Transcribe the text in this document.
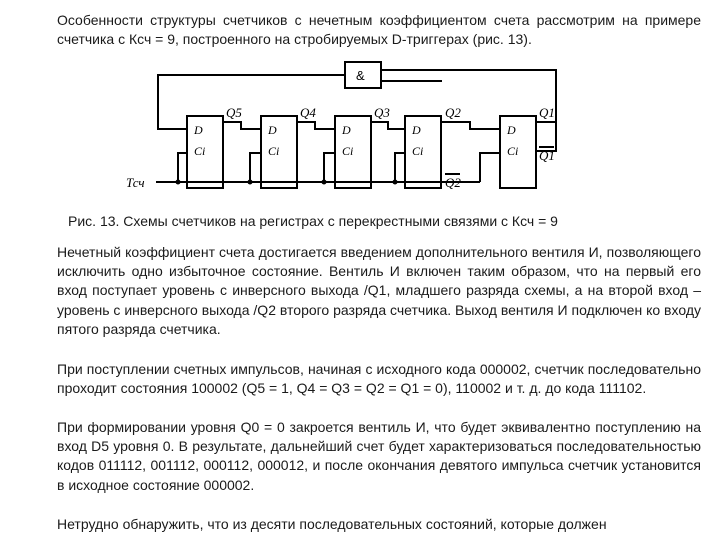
Особенности структуры счетчиков с нечетным коэффициентом счета рассмотрим на примере счетчика с Ксч = 9, построенного на стробируемых D-триггерах (рис. 13).

&
D
Ci
D
Ci
D
Ci
D
Ci
D
Ci
Q5	Q4	Q3	Q2	Q1
Q2
Q1
Тсч

Рис. 13. Схемы счетчиков на регистрах с перекрестными связями с Ксч = 9

Нечетный коэффициент счета достигается введением дополнительного вентиля И, позволяющего исключить одно избыточное состояние. Вентиль И включен таким образом, что на первый его вход поступает уровень с инверсного выхода /Q1, младшего разряда схемы, а на второй вход – уровень с инверсного выхода /Q2 второго разряда счетчика. Выход вентиля И подключен ко входу пятого разряда счетчика.

При поступлении счетных импульсов, начиная с исходного кода 000002, счетчик последовательно проходит состояния 100002 (Q5 = 1, Q4 = Q3 = Q2 = Q1 = 0), 110002 и т. д. до кода 111102.

При формировании уровня Q0 = 0 закроется вентиль И, что будет эквивалентно поступлению на вход D5 уровня 0. В результате, дальнейший счет будет характеризоваться последовательностью кодов 011112, 001112, 000112, 000012, и после окончания девятого импульса счетчик установится в исходное состояние 000002.

Нетрудно обнаружить, что из десяти последовательных состояний, которые должен
